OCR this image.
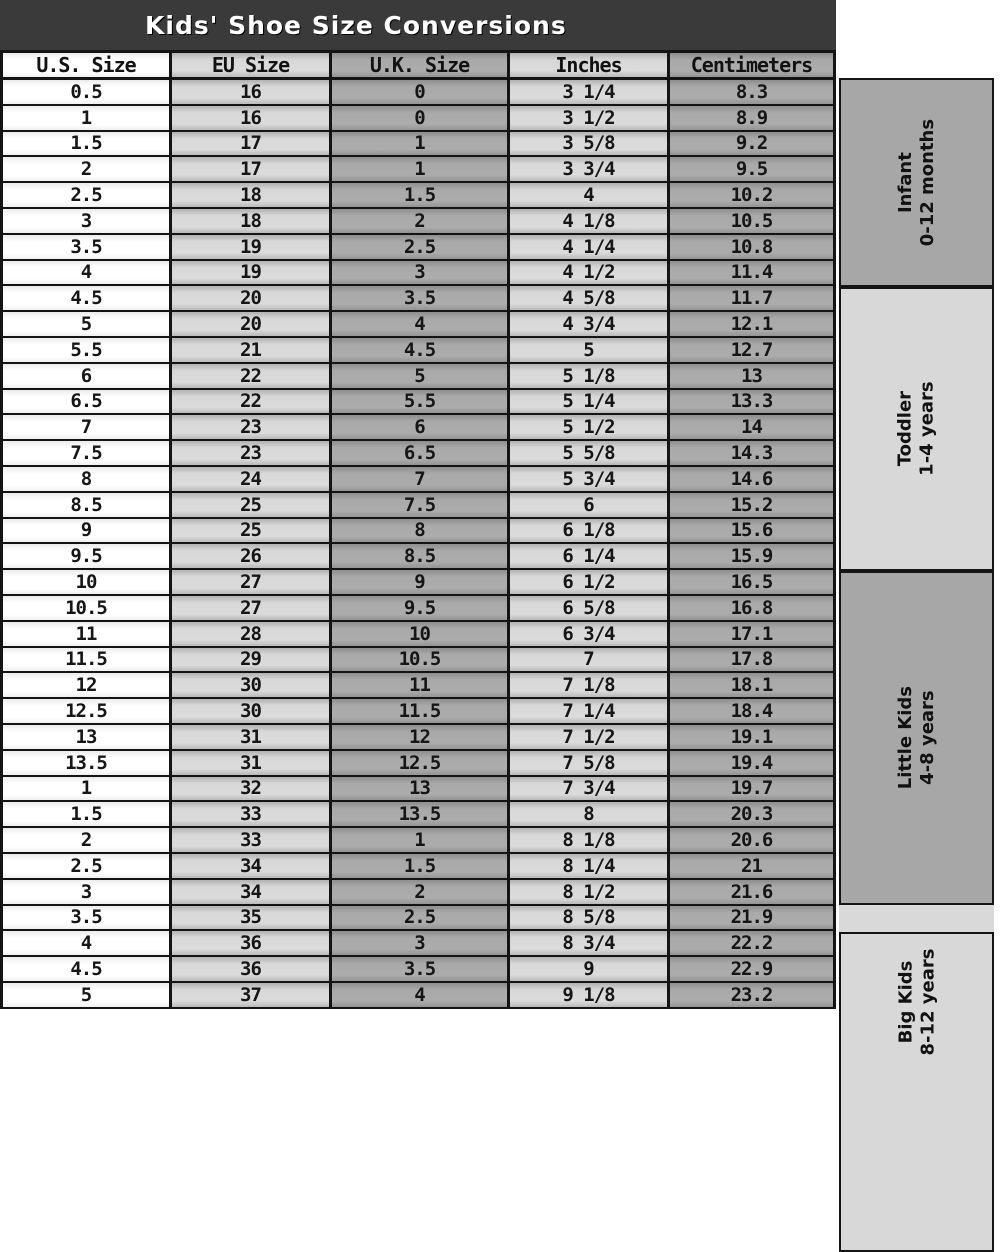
Kids' Shoe Size Conversions
U.S. Size	EU Size	U.K. Size	Inches	Centimeters
0.5	16	0	3 1/4	8.3
1	16	0	3 1/2	8.9
1.5	17	1	3 5/8	9.2
2	17	1	3 3/4	9.5
2.5	18	1.5	4	10.2
3	18	2	4 1/8	10.5
3.5	19	2.5	4 1/4	10.8
4	19	3	4 1/2	11.4
4.5	20	3.5	4 5/8	11.7
5	20	4	4 3/4	12.1
5.5	21	4.5	5	12.7
6	22	5	5 1/8	13
6.5	22	5.5	5 1/4	13.3
7	23	6	5 1/2	14
7.5	23	6.5	5 5/8	14.3
8	24	7	5 3/4	14.6
8.5	25	7.5	6	15.2
9	25	8	6 1/8	15.6
9.5	26	8.5	6 1/4	15.9
10	27	9	6 1/2	16.5
10.5	27	9.5	6 5/8	16.8
11	28	10	6 3/4	17.1
11.5	29	10.5	7	17.8
12	30	11	7 1/8	18.1
12.5	30	11.5	7 1/4	18.4
13	31	12	7 1/2	19.1
13.5	31	12.5	7 5/8	19.4
1	32	13	7 3/4	19.7
1.5	33	13.5	8	20.3
2	33	1	8 1/8	20.6
2.5	34	1.5	8 1/4	21
3	34	2	8 1/2	21.6
3.5	35	2.5	8 5/8	21.9
4	36	3	8 3/4	22.2
4.5	36	3.5	9	22.9
5	37	4	9 1/8	23.2
Infant 0-12 months
Toddler 1-4 years
Little Kids 4-8 years
Big Kids 8-12 years
